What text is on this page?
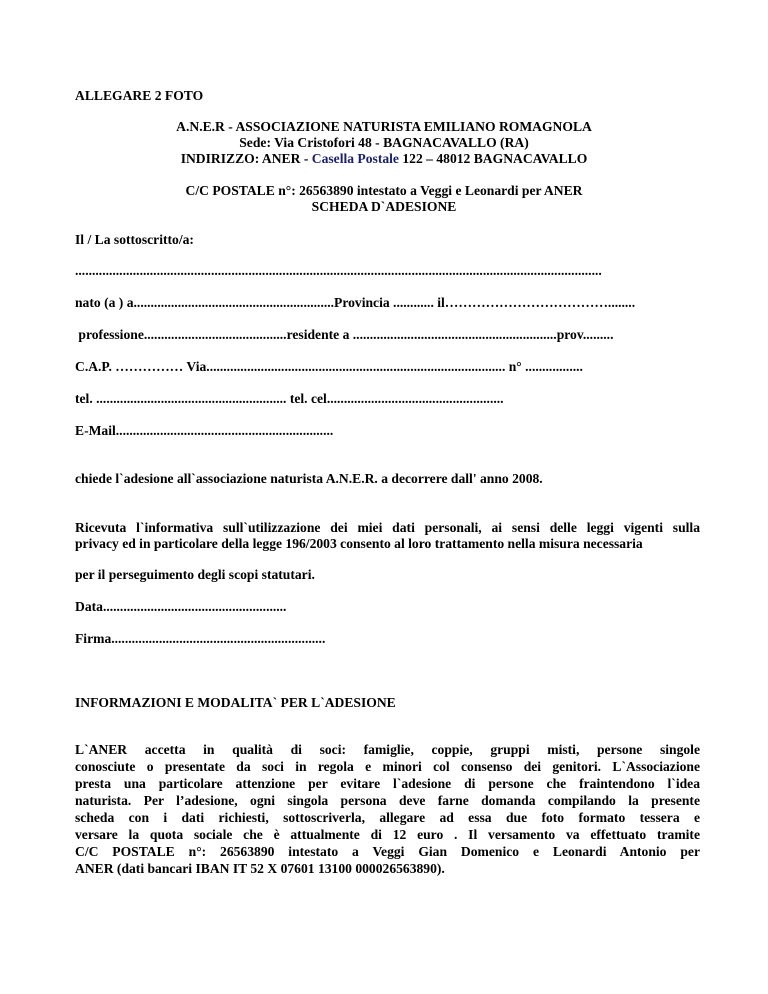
ALLEGARE 2 FOTO
A.N.E.R - ASSOCIAZIONE NATURISTA EMILIANO ROMAGNOLA
Sede: Via Cristofori 48 - BAGNACAVALLO (RA)
INDIRIZZO: ANER - Casella Postale 122 – 48012 BAGNACAVALLO
C/C POSTALE n°: 26563890 intestato a Veggi e Leonardi per ANER
SCHEDA D`ADESIONE
Il / La sottoscritto/a:
...........................................................................................................................................................
nato (a ) a...........................................................Provincia ............ il………………………………........
professione..........................................residente a ............................................................prov.........
C.A.P. …………… Via........................................................................................ n° .................
tel. ........................................................ tel. cel....................................................
E-Mail................................................................
chiede l`adesione all`associazione naturista A.N.E.R. a decorrere dall' anno 2008.
Ricevuta l`informativa sull`utilizzazione dei miei dati personali, ai sensi delle leggi vigenti sulla
privacy ed in particolare della legge 196/2003 consento al loro trattamento nella misura necessaria
per il perseguimento degli scopi statutari.
Data......................................................
Firma...............................................................
INFORMAZIONI E MODALITA` PER L`ADESIONE
L`ANER accetta in qualità di soci: famiglie, coppie, gruppi misti, persone singole
conosciute o presentate da soci in regola e minori col consenso dei genitori. L`Associazione
presta una particolare attenzione per evitare l`adesione di persone che fraintendono l`idea
naturista. Per l’adesione, ogni singola persona deve farne domanda compilando la presente
scheda con i dati richiesti, sottoscriverla, allegare ad essa due foto formato tessera e
versare la quota sociale che è attualmente di 12 euro . Il versamento va effettuato tramite
C/C POSTALE n°: 26563890 intestato a Veggi Gian Domenico e Leonardi Antonio per
ANER (dati bancari IBAN IT 52 X 07601 13100 000026563890).
